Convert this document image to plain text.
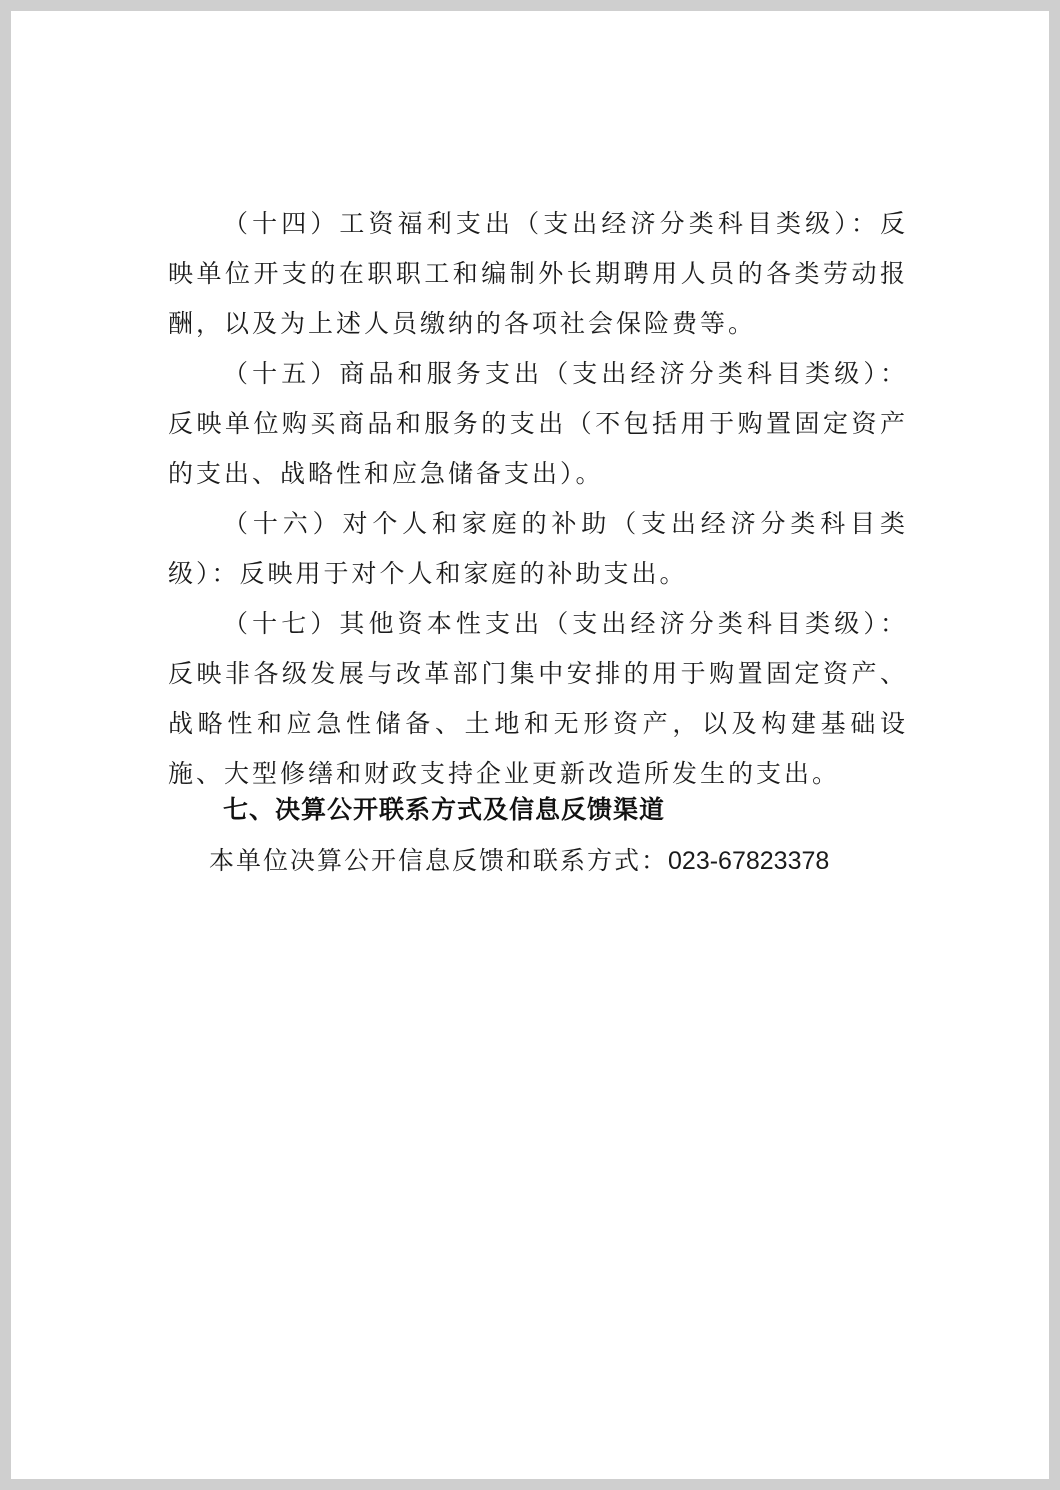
（十四）工资福利支出（支出经济分类科目类级）：反映单位开支的在职职工和编制外长期聘用人员的各类劳动报酬，以及为上述人员缴纳的各项社会保险费等。

（十五）商品和服务支出（支出经济分类科目类级）：反映单位购买商品和服务的支出（不包括用于购置固定资产的支出、战略性和应急储备支出）。

（十六）对个人和家庭的补助（支出经济分类科目类级）：反映用于对个人和家庭的补助支出。

（十七）其他资本性支出（支出经济分类科目类级）：反映非各级发展与改革部门集中安排的用于购置固定资产、战略性和应急性储备、土地和无形资产，以及构建基础设施、大型修缮和财政支持企业更新改造所发生的支出。

七、决算公开联系方式及信息反馈渠道

本单位决算公开信息反馈和联系方式：023-67823378
